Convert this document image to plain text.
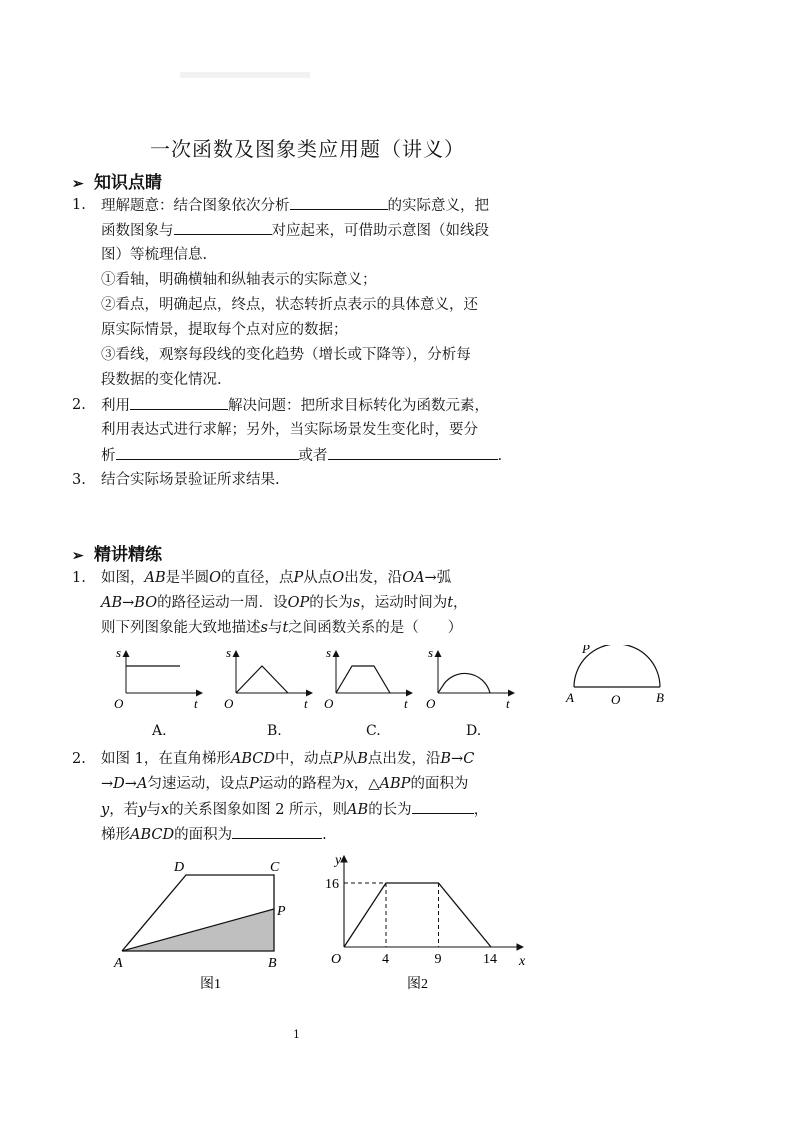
一次函数及图象类应用题（讲义）
➢ 知识点睛
1. 理解题意：结合图象依次分析	的实际意义，把
函数图象与	对应起来，可借助示意图（如线段
图）等梳理信息.
①看轴，明确横轴和纵轴表示的实际意义；
②看点，明确起点，终点，状态转折点表示的具体意义，还
原实际情景，提取每个点对应的数据；
③看线，观察每段线的变化趋势（增长或下降等），分析每
段数据的变化情况.
2. 利用	解决问题：把所求目标转化为函数元素，
利用表达式进行求解；另外，当实际场景发生变化时，要分
析	或者	.
3. 结合实际场景验证所求结果.
➢ 精讲精练
1. 如图，AB是半圆O的直径，点P从点O出发，沿OA→弧
AB→BO的路径运动一周．设OP的长为s，运动时间为t，
则下列图象能大致地描述s与t之间函数关系的是（　　）
s
O	t
s
O	t
s
O	t
s
O	t
P
A	O	B
A.	B.	C.	D.
2. 如图 1，在直角梯形ABCD中，动点P从B点出发，沿B→C
→D→A匀速运动，设点P运动的路程为x，△ABP的面积为
y，若y与x的关系图象如图 2 所示，则AB的长为	，
梯形ABCD的面积为	.
D	C
P
A	B
图1
y
x
O
16
4	9	14
图2
1
